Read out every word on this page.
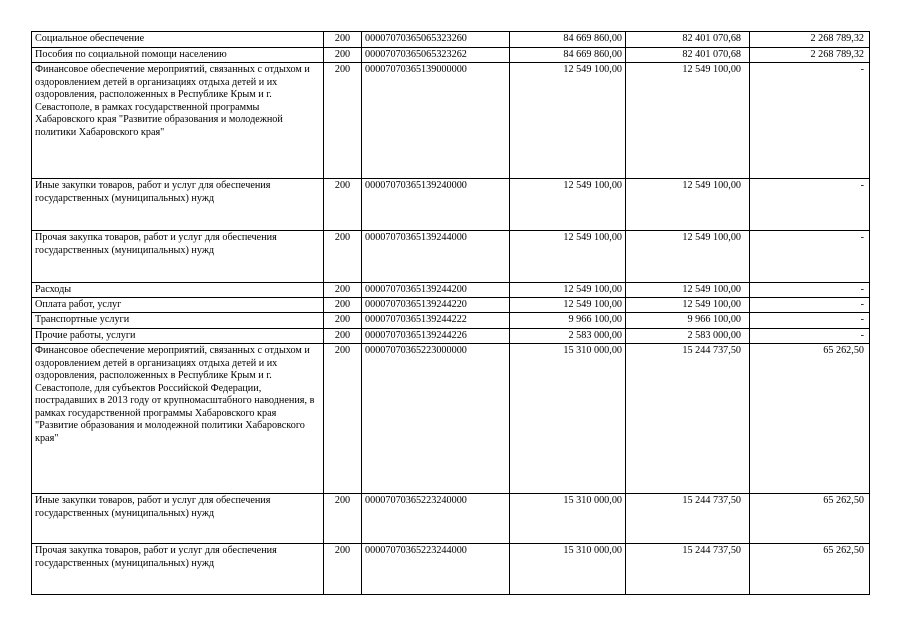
Социальное обеспечение	200	00007070365065323260	84 669 860,00	82 401 070,68	2 268 789,32
Пособия по социальной помощи населению	200	00007070365065323262	84 669 860,00	82 401 070,68	2 268 789,32
Финансовое обеспечение мероприятий, связанных с отдыхом и оздоровлением детей в организациях отдыха детей и их оздоровления, расположенных в Республике Крым и г. Севастополе, в рамках государственной программы Хабаровского края "Развитие образования и молодежной политики Хабаровского края"	200	00007070365139000000	12 549 100,00	12 549 100,00	-
Иные закупки товаров, работ и услуг для обеспечения государственных (муниципальных) нужд	200	00007070365139240000	12 549 100,00	12 549 100,00	-
Прочая закупка товаров, работ и услуг для обеспечения государственных (муниципальных) нужд	200	00007070365139244000	12 549 100,00	12 549 100,00	-
Расходы	200	00007070365139244200	12 549 100,00	12 549 100,00	-
Оплата работ, услуг	200	00007070365139244220	12 549 100,00	12 549 100,00	-
Транспортные услуги	200	00007070365139244222	9 966 100,00	9 966 100,00	-
Прочие работы, услуги	200	00007070365139244226	2 583 000,00	2 583 000,00	-
Финансовое обеспечение мероприятий, связанных с отдыхом и оздоровлением детей в организациях отдыха детей и их оздоровления, расположенных в Республике Крым и г. Севастополе, для субъектов Российской Федерации, пострадавших в 2013 году от крупномасштабного наводнения, в рамках государственной программы Хабаровского края "Развитие образования и молодежной политики Хабаровского края"	200	00007070365223000000	15 310 000,00	15 244 737,50	65 262,50
Иные закупки товаров, работ и услуг для обеспечения государственных (муниципальных) нужд	200	00007070365223240000	15 310 000,00	15 244 737,50	65 262,50
Прочая закупка товаров, работ и услуг для обеспечения государственных (муниципальных) нужд	200	00007070365223244000	15 310 000,00	15 244 737,50	65 262,50
